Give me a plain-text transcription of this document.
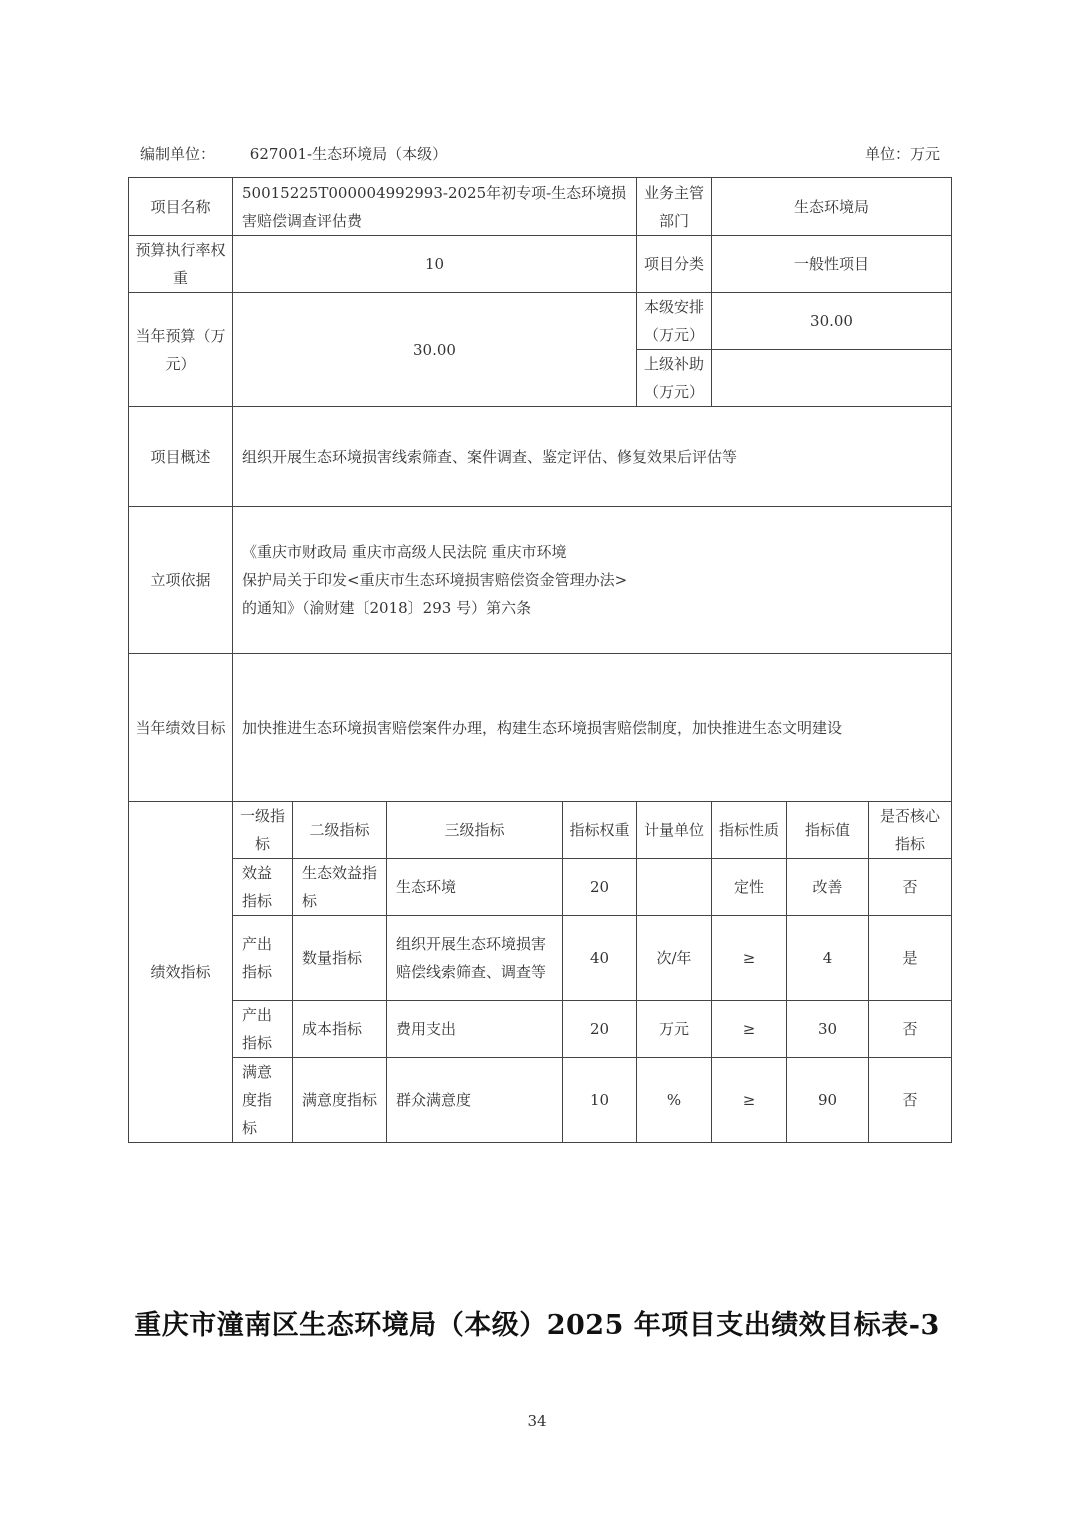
编制单位： 627001-生态环境局（本级）	单位：万元
项目名称	50015225T000004992993-2025年初专项-生态环境损害赔偿调查评估费				业务主管部门	生态环境局		
预算执行率权重	10				项目分类	一般性项目		
当年预算（万元）	30.00				本级安排（万元）	30.00		
					上级补助（万元）			
项目概述	组织开展生态环境损害线索筛查、案件调查、鉴定评估、修复效果后评估等							
立项依据	《重庆市财政局 重庆市高级人民法院 重庆市环境
保护局关于印发<重庆市生态环境损害赔偿资金管理办法>
的通知》（渝财建〔2018〕293 号）第六条							

当年绩效目标	加快推进生态环境损害赔偿案件办理，构建生态环境损害赔偿制度，加快推进生态文明建设							
绩效指标	一级指标	二级指标	三级指标	指标权重	计量单位	指标性质	指标值	是否核心指标
	效益指标	生态效益指标	生态环境	20		定性	改善	否
	产出指标	数量指标	组织开展生态环境损害赔偿线索筛查、调查等	40	次/年	≥	4	是
	产出指标	成本指标	费用支出	20	万元	≥	30	否
	满意度指标	满意度指标	群众满意度	10	%	≥	90	否
重庆市潼南区生态环境局（本级）2025 年项目支出绩效目标表-3
34
